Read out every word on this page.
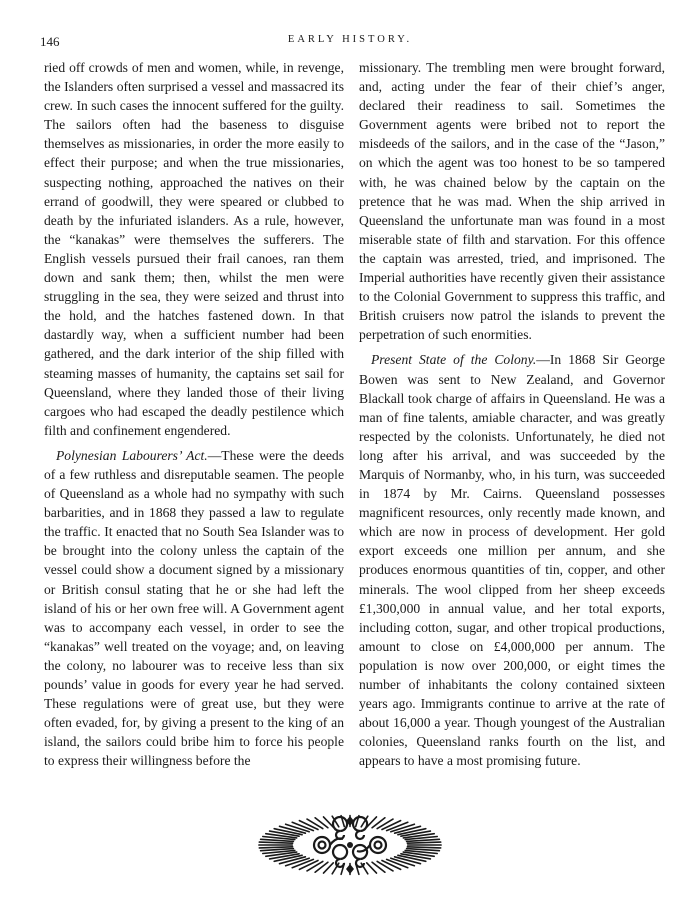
146	EARLY HISTORY.

ried off crowds of men and women, while, in revenge, the Islanders often surprised a vessel and massacred its crew. In such cases the innocent suffered for the guilty. The sailors often had the baseness to disguise themselves as missionaries, in order the more easily to effect their purpose; and when the true missionaries, suspecting nothing, approached the natives on their errand of goodwill, they were speared or clubbed to death by the infuriated islanders. As a rule, however, the “kanakas” were themselves the sufferers. The English vessels pursued their frail canoes, ran them down and sank them; then, whilst the men were struggling in the sea, they were seized and thrust into the hold, and the hatches fastened down. In that dastardly way, when a sufficient number had been gathered, and the dark interior of the ship filled with steaming masses of humanity, the captains set sail for Queensland, where they landed those of their living cargoes who had escaped the deadly pestilence which filth and confinement engendered.

Polynesian Labourers’ Act.—These were the deeds of a few ruthless and disreputable seamen. The people of Queensland as a whole had no sympathy with such barbarities, and in 1868 they passed a law to regulate the traffic. It enacted that no South Sea Islander was to be brought into the colony unless the captain of the vessel could show a document signed by a missionary or British consul stating that he or she had left the island of his or her own free will. A Government agent was to accompany each vessel, in order to see the “kanakas” well treated on the voyage; and, on leaving the colony, no labourer was to receive less than six pounds’ value in goods for every year he had served. These regulations were of great use, but they were often evaded, for, by giving a present to the king of an island, the sailors could bribe him to force his people to express their willingness before the

missionary. The trembling men were brought forward, and, acting under the fear of their chief’s anger, declared their readiness to sail. Sometimes the Government agents were bribed not to report the misdeeds of the sailors, and in the case of the “Jason,” on which the agent was too honest to be so tampered with, he was chained below by the captain on the pretence that he was mad. When the ship arrived in Queensland the unfortunate man was found in a most miserable state of filth and starvation. For this offence the captain was arrested, tried, and imprisoned. The Imperial authorities have recently given their assistance to the Colonial Government to suppress this traffic, and British cruisers now patrol the islands to prevent the perpetration of such enormities.

Present State of the Colony.—In 1868 Sir George Bowen was sent to New Zealand, and Governor Blackall took charge of affairs in Queensland. He was a man of fine talents, amiable character, and was greatly respected by the colonists. Unfortunately, he died not long after his arrival, and was succeeded by the Marquis of Normanby, who, in his turn, was succeeded in 1874 by Mr. Cairns. Queensland possesses magnificent resources, only recently made known, and which are now in process of development. Her gold export exceeds one million per annum, and she produces enormous quantities of tin, copper, and other minerals. The wool clipped from her sheep exceeds £1,300,000 in annual value, and her total exports, including cotton, sugar, and other tropical productions, amount to close on £4,000,000 per annum. The population is now over 200,000, or eight times the number of inhabitants the colony contained sixteen years ago. Immigrants continue to arrive at the rate of about 16,000 a year. Though youngest of the Australian colonies, Queensland ranks fourth on the list, and appears to have a most promising future.
